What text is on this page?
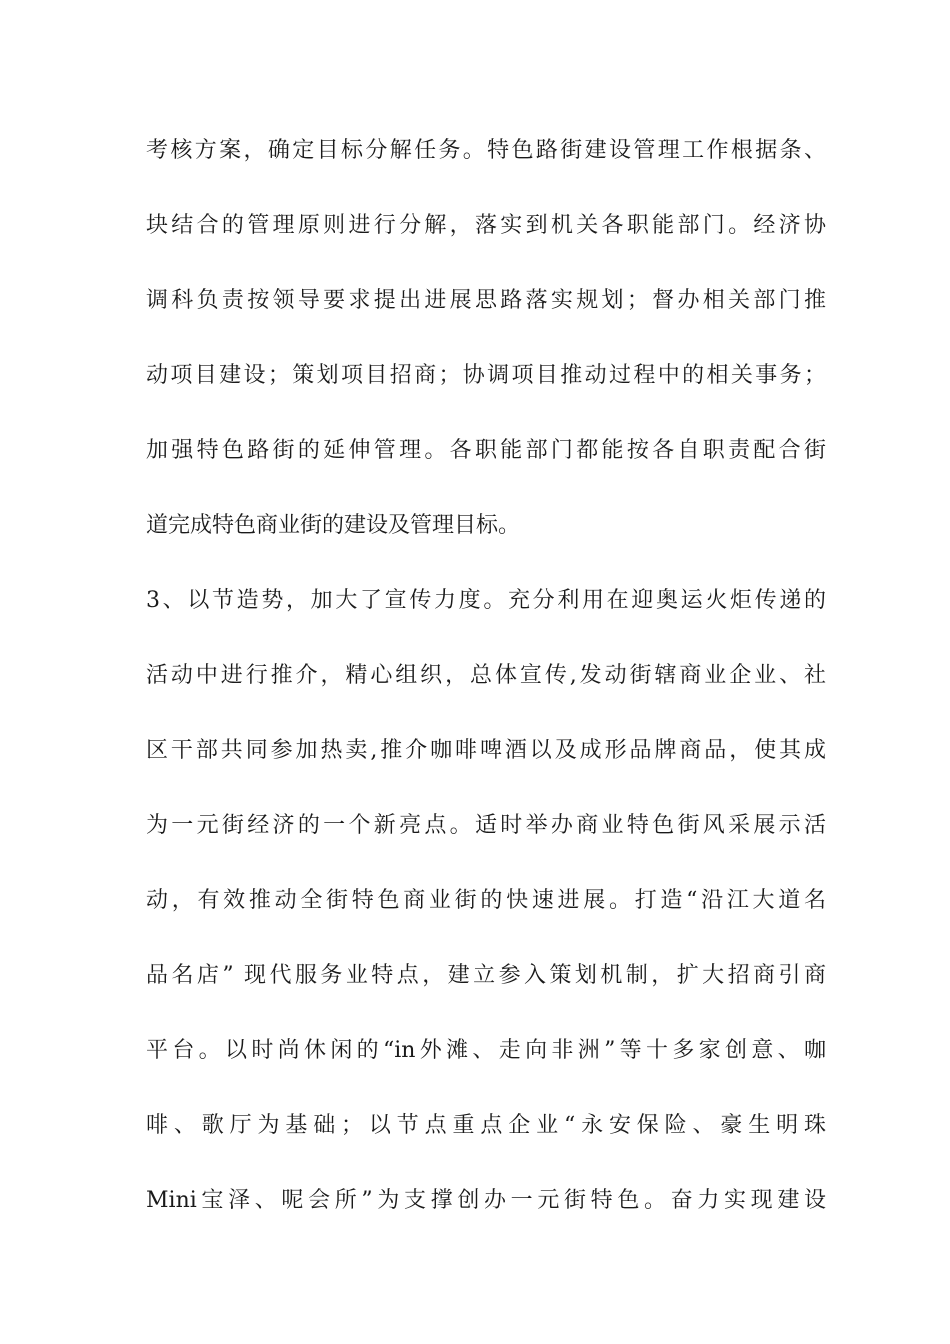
考核方案，确定目标分解任务。特色路街建设管理工作根据条、
块结合的管理原则进行分解，落实到机关各职能部门。经济协
调科负责按领导要求提出进展思路落实规划；督办相关部门推
动项目建设；策划项目招商；协调项目推动过程中的相关事务；
加强特色路街的延伸管理。各职能部门都能按各自职责配合街
道完成特色商业街的建设及管理目标。
3、以节造势，加大了宣传力度。充分利用在迎奥运火炬传递的
活动中进行推介，精心组织，总体宣传,发动街辖商业企业、社
区干部共同参加热卖,推介咖啡啤酒以及成形品牌商品，使其成
为一元街经济的一个新亮点。适时举办商业特色街风采展示活
动，有效推动全街特色商业街的快速进展。打造“沿江大道名
品名店” 现代服务业特点，建立参入策划机制，扩大招商引商
平台。以时尚休闲的“in外滩、走向非洲”等十多家创意、咖
啡、歌厅为基础；以节点重点企业“永安保险、豪生明珠
Mini宝泽、呢会所”为支撑创办一元街特色。奋力实现建设
